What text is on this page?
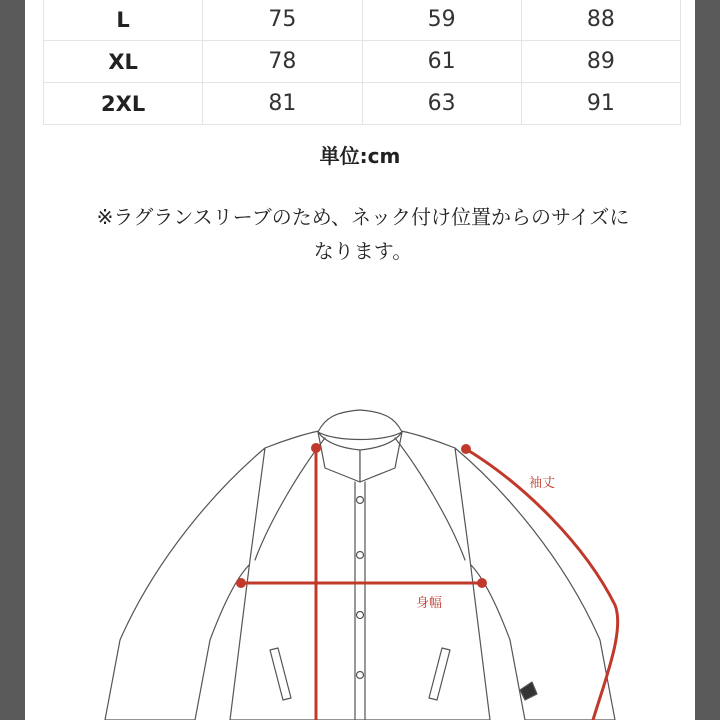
L	75	59	88
XL	78	61	89
2XL	81	63	91
単位:cm
※ラグランスリーブのため、ネック付け位置からのサイズに
なります。
袖丈
身幅
